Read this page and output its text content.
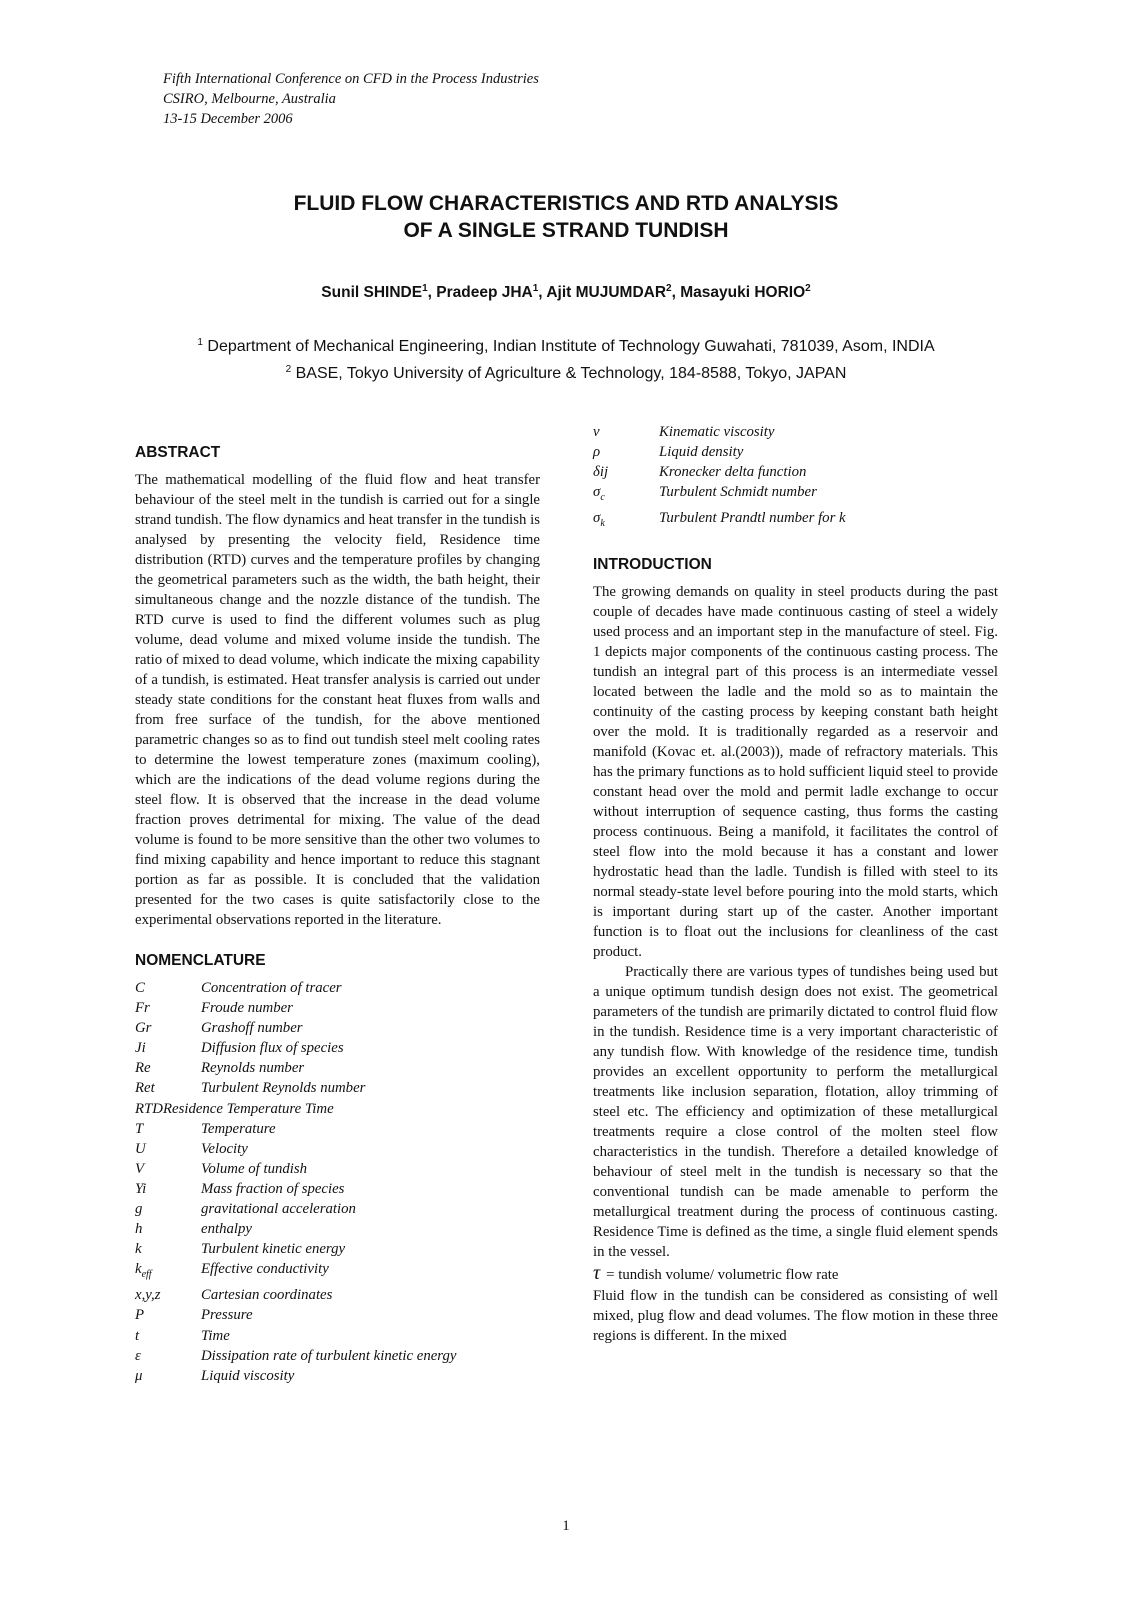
Fifth International Conference on CFD in the Process Industries
CSIRO, Melbourne, Australia
13-15 December 2006
FLUID FLOW CHARACTERISTICS AND RTD ANALYSIS
OF A SINGLE STRAND TUNDISH
Sunil SHINDE$^1$, Pradeep JHA$^1$, Ajit MUJUMDAR$^2$, Masayuki HORIO$^2$
$^1$ Department of Mechanical Engineering, Indian Institute of Technology Guwahati, 781039, Asom, INDIA
$^2$ BASE, Tokyo University of Agriculture & Technology, 184-8588, Tokyo, JAPAN
ABSTRACT

The mathematical modelling of the fluid flow and heat transfer behaviour of the steel melt in the tundish is carried out for a single strand tundish. The flow dynamics and heat transfer in the tundish is analysed by presenting the velocity field, Residence time distribution (RTD) curves and the temperature profiles by changing the geometrical parameters such as the width, the bath height, their simultaneous change and the nozzle distance of the tundish. The RTD curve is used to find the different volumes such as plug volume, dead volume and mixed volume inside the tundish. The ratio of mixed to dead volume, which indicate the mixing capability of a tundish, is estimated. Heat transfer analysis is carried out under steady state conditions for the constant heat fluxes from walls and from free surface of the tundish, for the above mentioned parametric changes so as to find out tundish steel melt cooling rates to determine the lowest temperature zones (maximum cooling), which are the indications of the dead volume regions during the steel flow. It is observed that the increase in the dead volume fraction proves detrimental for mixing. The value of the dead volume is found to be more sensitive than the other two volumes to find mixing capability and hence important to reduce this stagnant portion as far as possible. It is concluded that the validation presented for the two cases is quite satisfactorily close to the experimental observations reported in the literature.

NOMENCLATURE
C	Concentration of tracer
Fr	Froude number
Gr	Grashoff number
Ji	Diffusion flux of species
Re	Reynolds number
Ret	Turbulent Reynolds number
RTD Residence Temperature Time
T	Temperature
U	Velocity
V	Volume of tundish
Yi	Mass fraction of species
g	gravitational acceleration
h	enthalpy
k	Turbulent kinetic energy
$k_{eff}$	Effective conductivity
x,y,z	Cartesian coordinates
P	Pressure
t	Time
ε	Dissipation rate of turbulent kinetic energy
μ	Liquid viscosity
ν	Kinematic viscosity
ρ	Liquid density
δij	Kronecker delta function
$\sigma_c$	Turbulent Schmidt number
$\sigma_k$	Turbulent Prandtl number for k
INTRODUCTION

The growing demands on quality in steel products during the past couple of decades have made continuous casting of steel a widely used process and an important step in the manufacture of steel. Fig. 1 depicts major components of the continuous casting process. The tundish an integral part of this process is an intermediate vessel located between the ladle and the mold so as to maintain the continuity of the casting process by keeping constant bath height over the mold. It is traditionally regarded as a reservoir and manifold (Kovac et. al.(2003)), made of refractory materials. This has the primary functions as to hold sufficient liquid steel to provide constant head over the mold and permit ladle exchange to occur without interruption of sequence casting, thus forms the casting process continuous. Being a manifold, it facilitates the control of steel flow into the mold because it has a constant and lower hydrostatic head than the ladle. Tundish is filled with steel to its normal steady-state level before pouring into the mold starts, which is important during start up of the caster. Another important function is to float out the inclusions for cleanliness of the cast product.

Practically there are various types of tundishes being used but a unique optimum tundish design does not exist. The geometrical parameters of the tundish are primarily dictated to control fluid flow in the tundish. Residence time is a very important characteristic of any tundish flow. With knowledge of the residence time, tundish provides an excellent opportunity to perform the metallurgical treatments like inclusion separation, flotation, alloy trimming of steel etc. The efficiency and optimization of these metallurgical treatments require a close control of the molten steel flow characteristics in the tundish. Therefore a detailed knowledge of behaviour of steel melt in the tundish is necessary so that the conventional tundish can be made amenable to perform the metallurgical treatment during the process of continuous casting. Residence Time is defined as the time, a single fluid element spends in the vessel.

τ = tundish volume/ volumetric flow rate

Fluid flow in the tundish can be considered as consisting of well mixed, plug flow and dead volumes. The flow motion in these three regions is different. In the mixed

1
